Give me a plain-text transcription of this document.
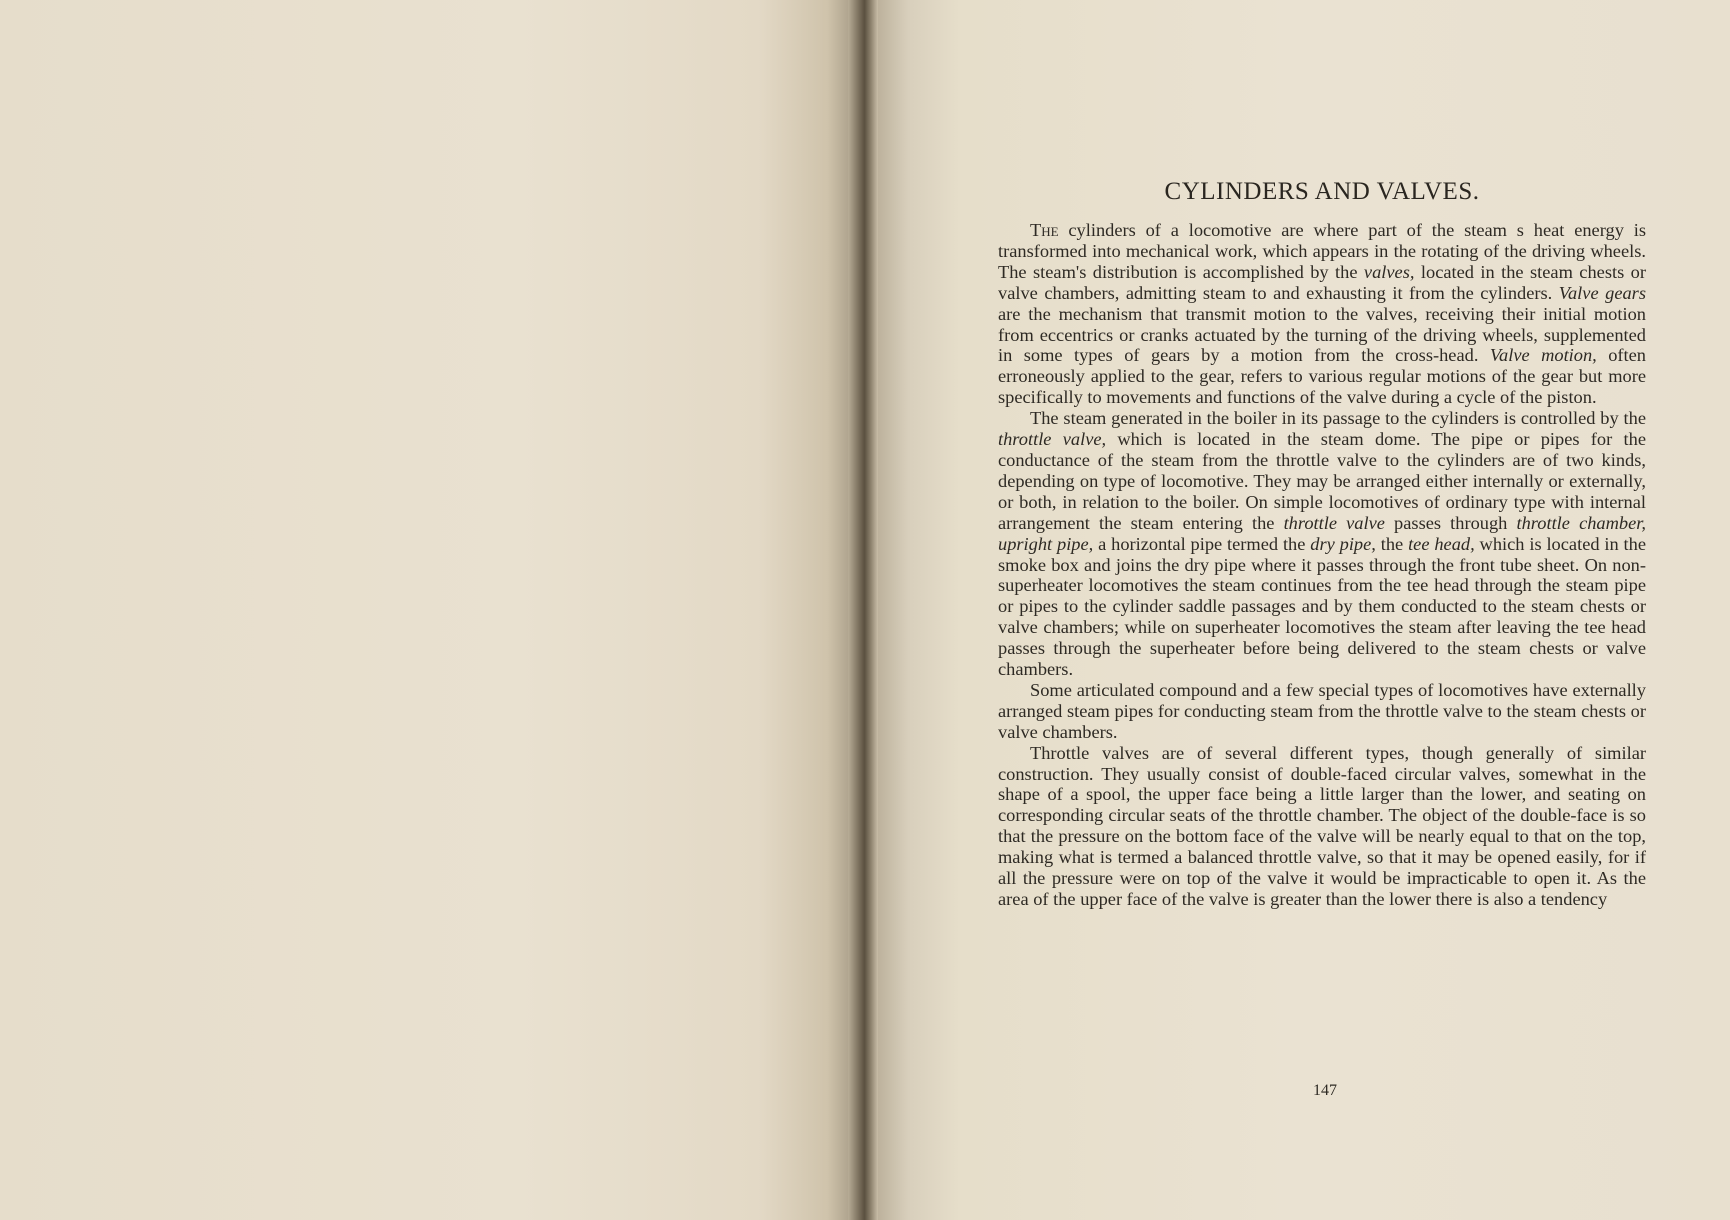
CYLINDERS AND VALVES.

The cylinders of a locomotive are where part of the steam s heat energy is transformed into mechanical work, which appears in the rotating of the driving wheels. The steam's distribution is accomplished by the valves, located in the steam chests or valve chambers, admitting steam to and exhausting it from the cylinders. Valve gears are the mechanism that transmit motion to the valves, receiving their initial motion from eccentrics or cranks actuated by the turning of the driving wheels, supplemented in some types of gears by a motion from the cross-head. Valve motion, often erroneously applied to the gear, refers to various regular motions of the gear but more specifically to movements and functions of the valve during a cycle of the piston.

The steam generated in the boiler in its passage to the cylinders is controlled by the throttle valve, which is located in the steam dome. The pipe or pipes for the conductance of the steam from the throttle valve to the cylinders are of two kinds, depending on type of locomotive. They may be arranged either internally or externally, or both, in relation to the boiler. On simple locomotives of ordinary type with internal arrangement the steam entering the throttle valve passes through throttle chamber, upright pipe, a horizontal pipe termed the dry pipe, the tee head, which is located in the smoke box and joins the dry pipe where it passes through the front tube sheet. On non-superheater locomotives the steam continues from the tee head through the steam pipe or pipes to the cylinder saddle passages and by them conducted to the steam chests or valve chambers; while on superheater locomotives the steam after leaving the tee head passes through the superheater before being delivered to the steam chests or valve chambers.

Some articulated compound and a few special types of locomotives have externally arranged steam pipes for conducting steam from the throttle valve to the steam chests or valve chambers.

Throttle valves are of several different types, though generally of similar construction. They usually consist of double-faced circular valves, somewhat in the shape of a spool, the upper face being a little larger than the lower, and seating on corresponding circular seats of the throttle chamber. The object of the double-face is so that the pressure on the bottom face of the valve will be nearly equal to that on the top, making what is termed a balanced throttle valve, so that it may be opened easily, for if all the pressure were on top of the valve it would be impracticable to open it. As the area of the upper face of the valve is greater than the lower there is also a tendency

147
